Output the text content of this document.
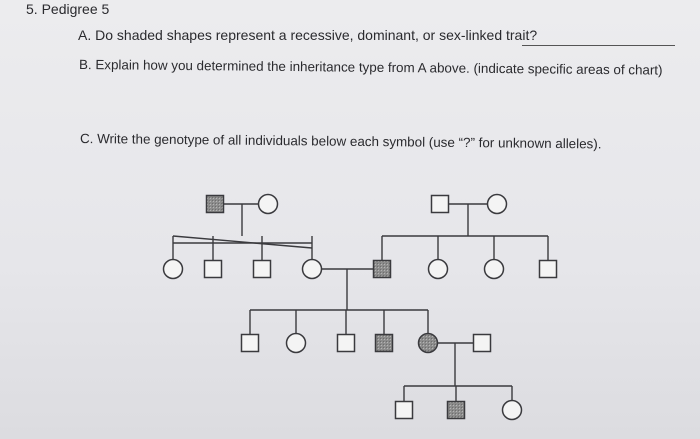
5. Pedigree 5
A. Do shaded shapes represent a recessive, dominant, or sex-linked trait?
B. Explain how you determined the inheritance type from A above. (indicate specific areas of chart)
C. Write the genotype of all individuals below each symbol (use “?” for unknown alleles).
